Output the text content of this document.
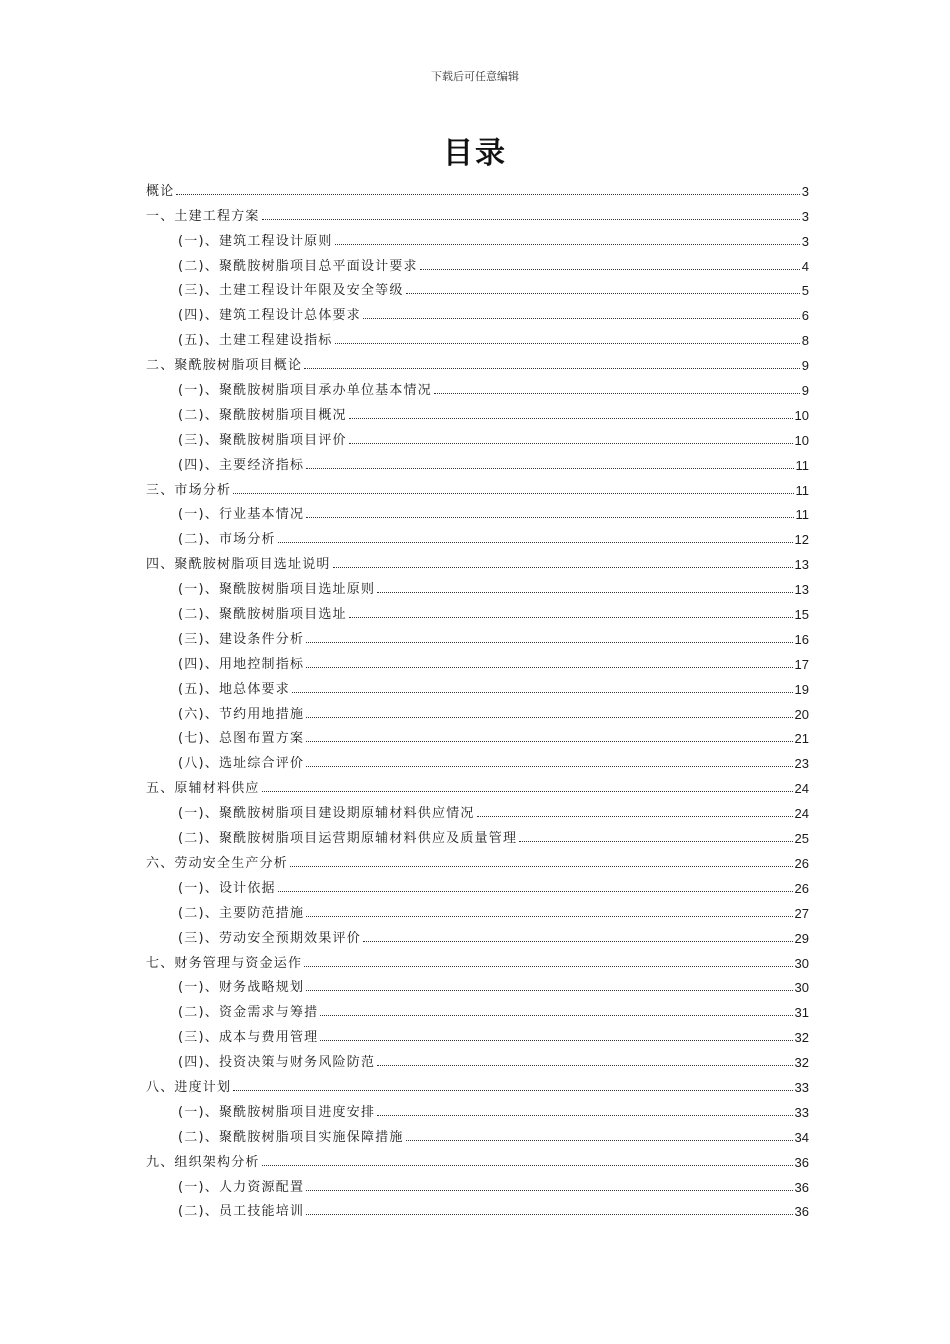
下载后可任意编辑
目录
概论	3
一、土建工程方案	3
(一)、建筑工程设计原则	3
(二)、聚酰胺树脂项目总平面设计要求	4
(三)、土建工程设计年限及安全等级	5
(四)、建筑工程设计总体要求	6
(五)、土建工程建设指标	8
二、聚酰胺树脂项目概论	9
(一)、聚酰胺树脂项目承办单位基本情况	9
(二)、聚酰胺树脂项目概况	10
(三)、聚酰胺树脂项目评价	10
(四)、主要经济指标	11
三、市场分析	11
(一)、行业基本情况	11
(二)、市场分析	12
四、聚酰胺树脂项目选址说明	13
(一)、聚酰胺树脂项目选址原则	13
(二)、聚酰胺树脂项目选址	15
(三)、建设条件分析	16
(四)、用地控制指标	17
(五)、地总体要求	19
(六)、节约用地措施	20
(七)、总图布置方案	21
(八)、选址综合评价	23
五、原辅材料供应	24
(一)、聚酰胺树脂项目建设期原辅材料供应情况	24
(二)、聚酰胺树脂项目运营期原辅材料供应及质量管理	25
六、劳动安全生产分析	26
(一)、设计依据	26
(二)、主要防范措施	27
(三)、劳动安全预期效果评价	29
七、财务管理与资金运作	30
(一)、财务战略规划	30
(二)、资金需求与筹措	31
(三)、成本与费用管理	32
(四)、投资决策与财务风险防范	32
八、进度计划	33
(一)、聚酰胺树脂项目进度安排	33
(二)、聚酰胺树脂项目实施保障措施	34
九、组织架构分析	36
(一)、人力资源配置	36
(二)、员工技能培训	36
